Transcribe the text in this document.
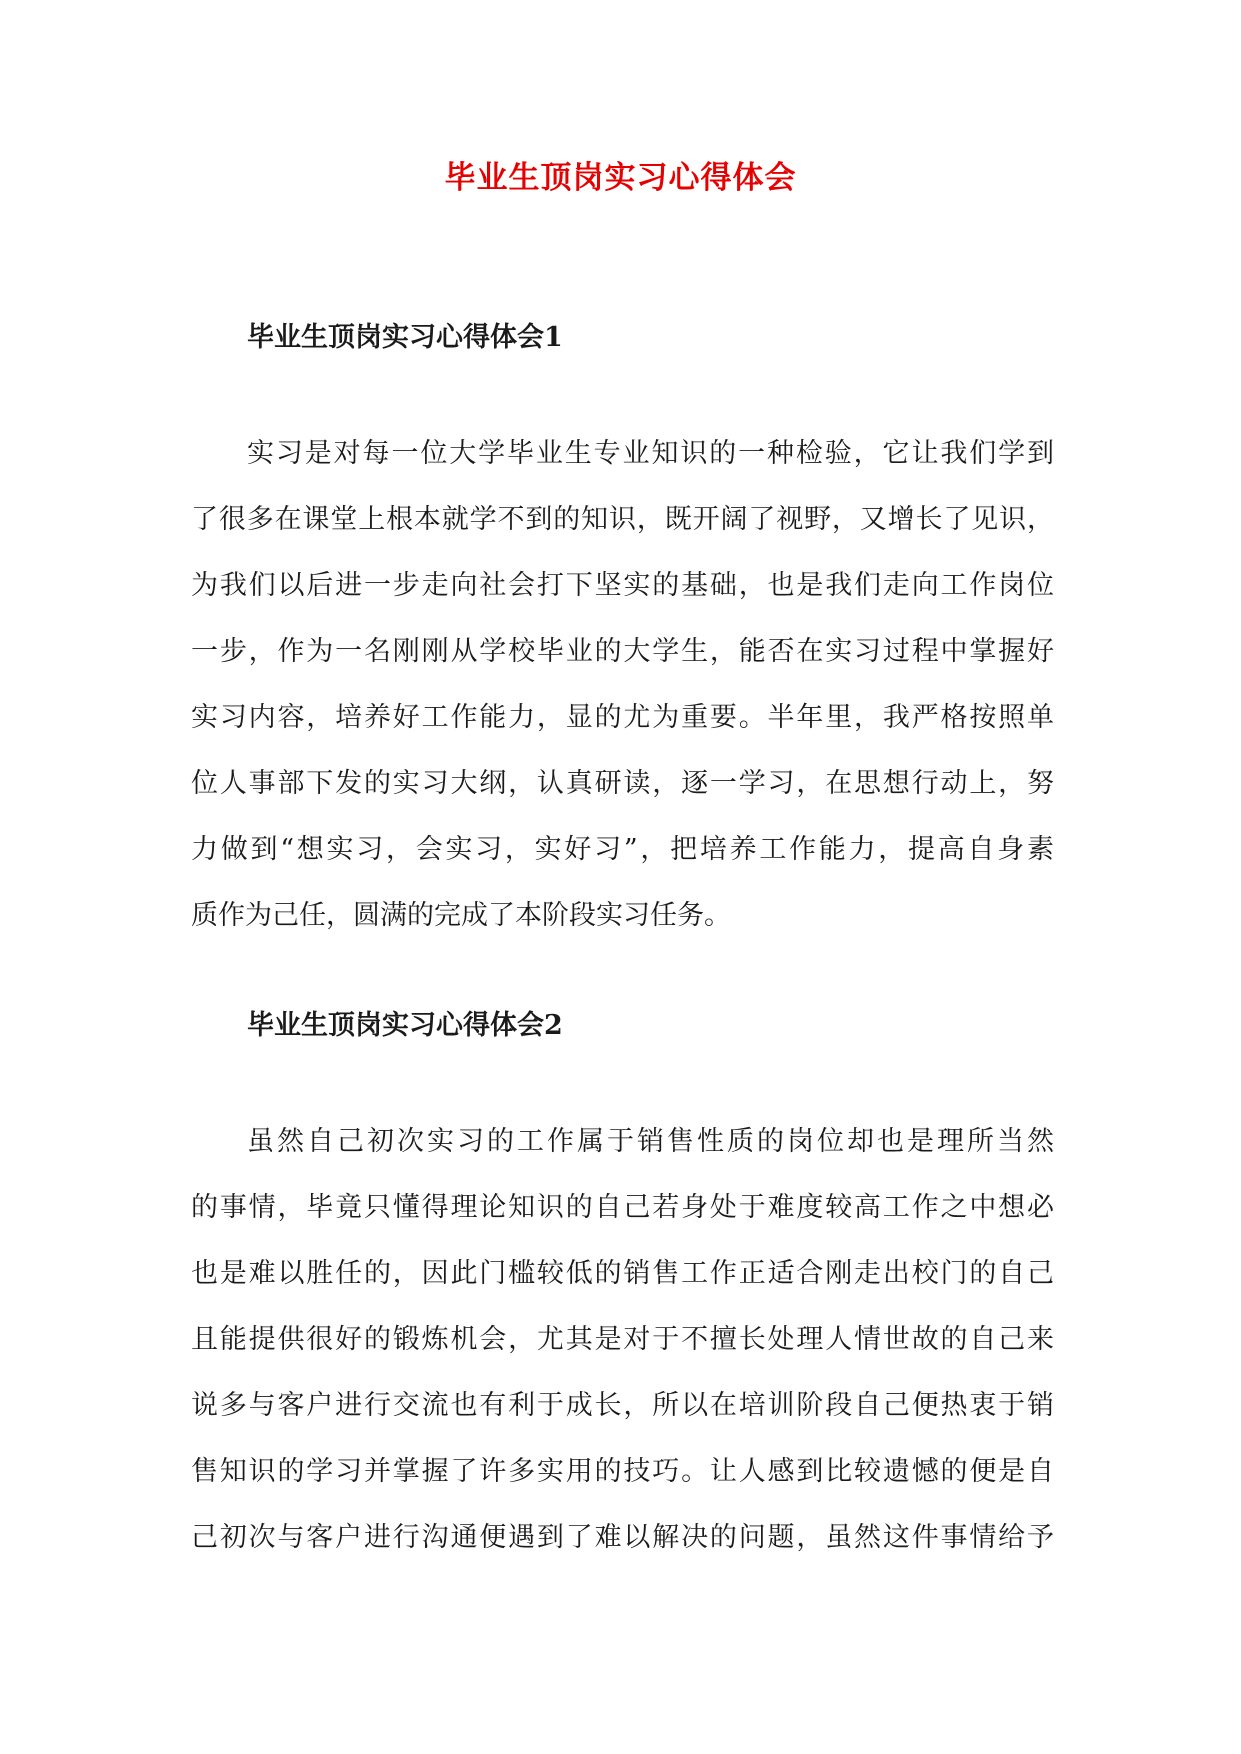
毕业生顶岗实习心得体会
毕业生顶岗实习心得体会1
实习是对每一位大学毕业生专业知识的一种检验，它让我们学到
了很多在课堂上根本就学不到的知识，既开阔了视野，又增长了见识，
为我们以后进一步走向社会打下坚实的基础，也是我们走向工作岗位
一步，作为一名刚刚从学校毕业的大学生，能否在实习过程中掌握好
实习内容，培养好工作能力，显的尤为重要。半年里，我严格按照单
位人事部下发的实习大纲，认真研读，逐一学习，在思想行动上，努
力做到“想实习，会实习，实好习”，把培养工作能力，提高自身素
质作为己任，圆满的完成了本阶段实习任务。
毕业生顶岗实习心得体会2
虽然自己初次实习的工作属于销售性质的岗位却也是理所当然
的事情，毕竟只懂得理论知识的自己若身处于难度较高工作之中想必
也是难以胜任的，因此门槛较低的销售工作正适合刚走出校门的自己
且能提供很好的锻炼机会，尤其是对于不擅长处理人情世故的自己来
说多与客户进行交流也有利于成长，所以在培训阶段自己便热衷于销
售知识的学习并掌握了许多实用的技巧。让人感到比较遗憾的便是自
己初次与客户进行沟通便遇到了难以解决的问题，虽然这件事情给予
